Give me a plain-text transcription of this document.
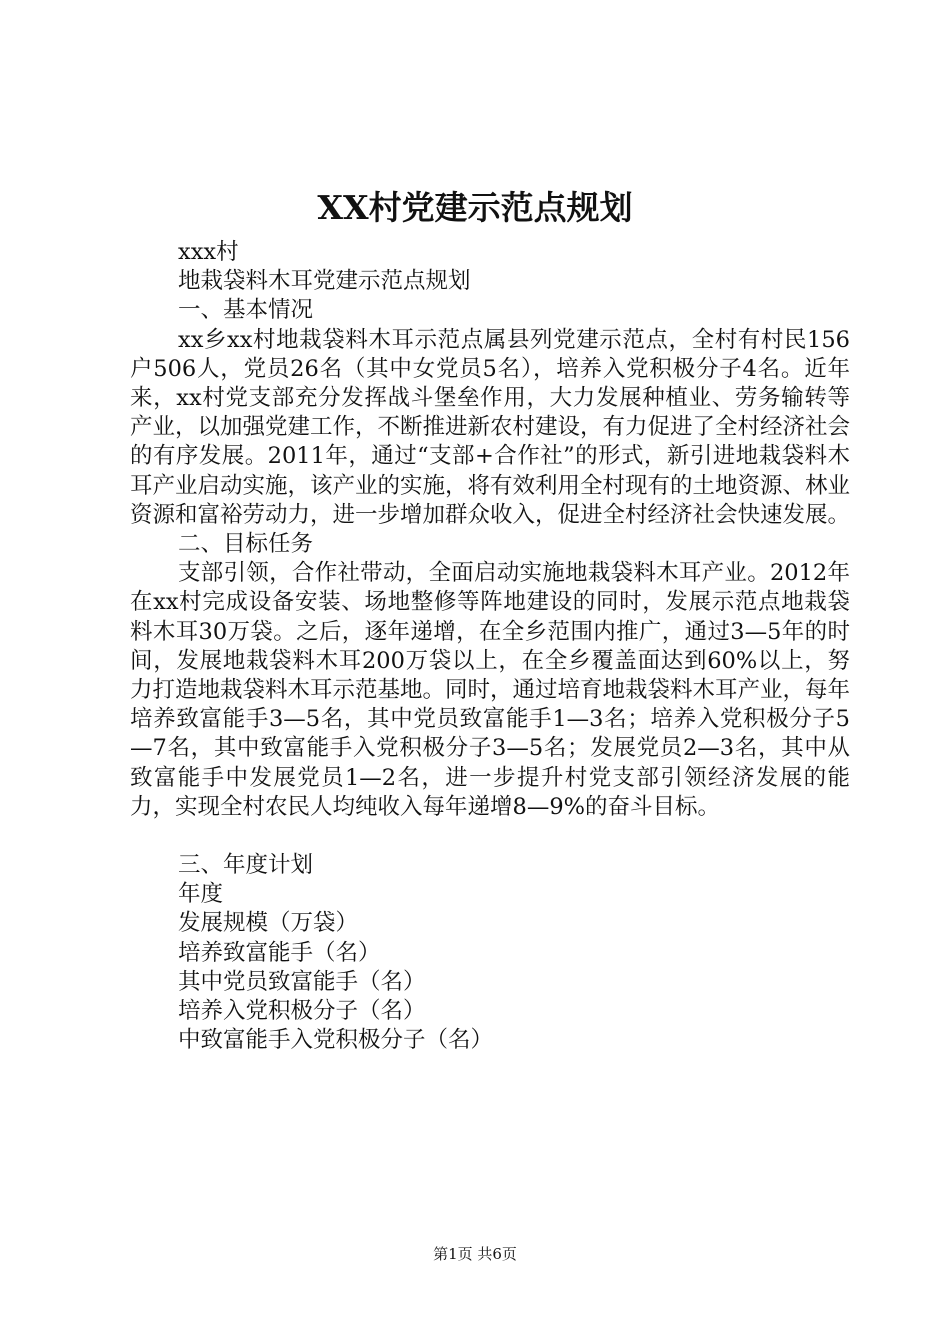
XX村党建示范点规划
xxx村
地栽袋料木耳党建示范点规划
一、基本情况
xx乡xx村地栽袋料木耳示范点属县列党建示范点，全村有村民156户506人，党员26名（其中女党员5名），培养入党积极分子4名。近年来，xx村党支部充分发挥战斗堡垒作用，大力发展种植业、劳务输转等产业，以加强党建工作，不断推进新农村建设，有力促进了全村经济社会的有序发展。2011年，通过“支部+合作社”的形式，新引进地栽袋料木耳产业启动实施，该产业的实施，将有效利用全村现有的土地资源、林业资源和富裕劳动力，进一步增加群众收入，促进全村经济社会快速发展。
二、目标任务
支部引领，合作社带动，全面启动实施地栽袋料木耳产业。2012年在xx村完成设备安装、场地整修等阵地建设的同时，发展示范点地栽袋料木耳30万袋。之后，逐年递增，在全乡范围内推广，通过3—5年的时间，发展地栽袋料木耳200万袋以上，在全乡覆盖面达到60%以上，努力打造地栽袋料木耳示范基地。同时，通过培育地栽袋料木耳产业，每年培养致富能手3—5名，其中党员致富能手1—3名；培养入党积极分子5—7名，其中致富能手入党积极分子3—5名；发展党员2—3名，其中从致富能手中发展党员1—2名，进一步提升村党支部引领经济发展的能力，实现全村农民人均纯收入每年递增8—9%的奋斗目标。
三、年度计划
年度
发展规模（万袋）
培养致富能手（名）
其中党员致富能手（名）
培养入党积极分子（名）
中致富能手入党积极分子（名）
第1页 共6页
